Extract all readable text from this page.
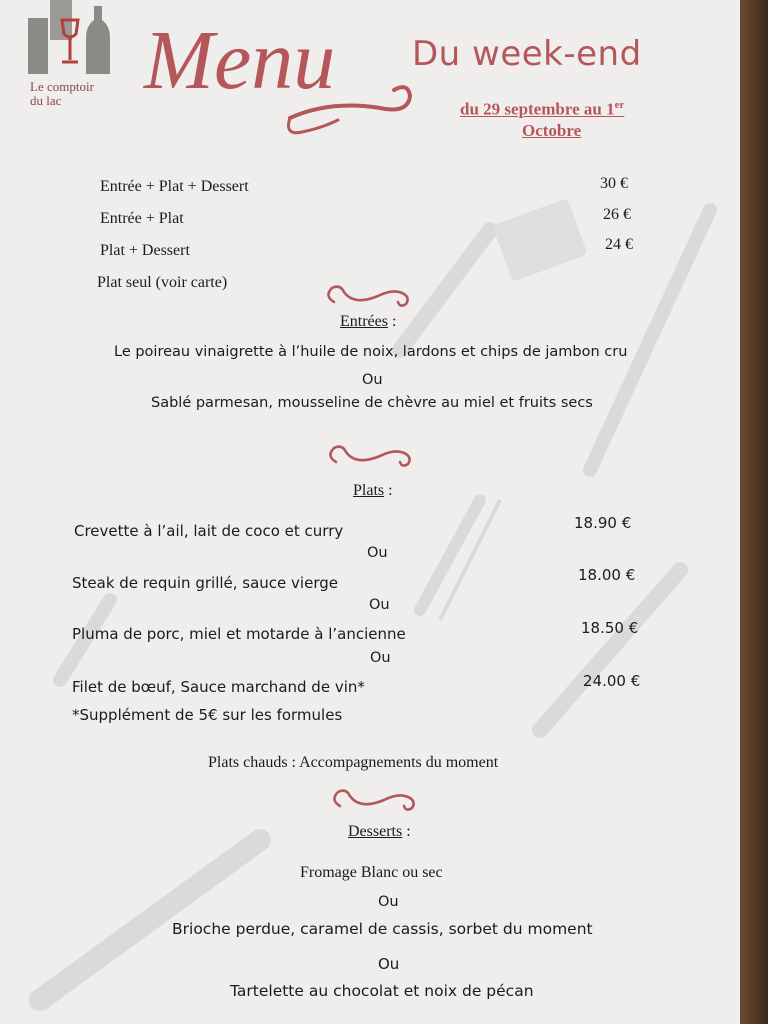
Le comptoir
du lac Menu Du week-end
du 29 septembre au 1er
Octobre
Entrée + Plat + Dessert	30 €
Entrée + Plat	26 €
Plat + Dessert	24 €
Plat seul (voir carte)
Entrées :
Le poireau vinaigrette à l’huile de noix, lardons et chips de jambon cru
Ou
Sablé parmesan, mousseline de chèvre au miel et fruits secs
Plats :
Crevette à l’ail, lait de coco et curry	18.90 €
Ou
Steak de requin grillé, sauce vierge	18.00 €
Ou
Pluma de porc, miel et motarde à l’ancienne	18.50 €
Ou
Filet de bœuf, Sauce marchand de vin*	24.00 €
*Supplément de 5€ sur les formules
Plats chauds : Accompagnements du moment
Desserts :
Fromage Blanc ou sec
Ou
Brioche perdue, caramel de cassis, sorbet du moment
Ou
Tartelette au chocolat et noix de pécan
